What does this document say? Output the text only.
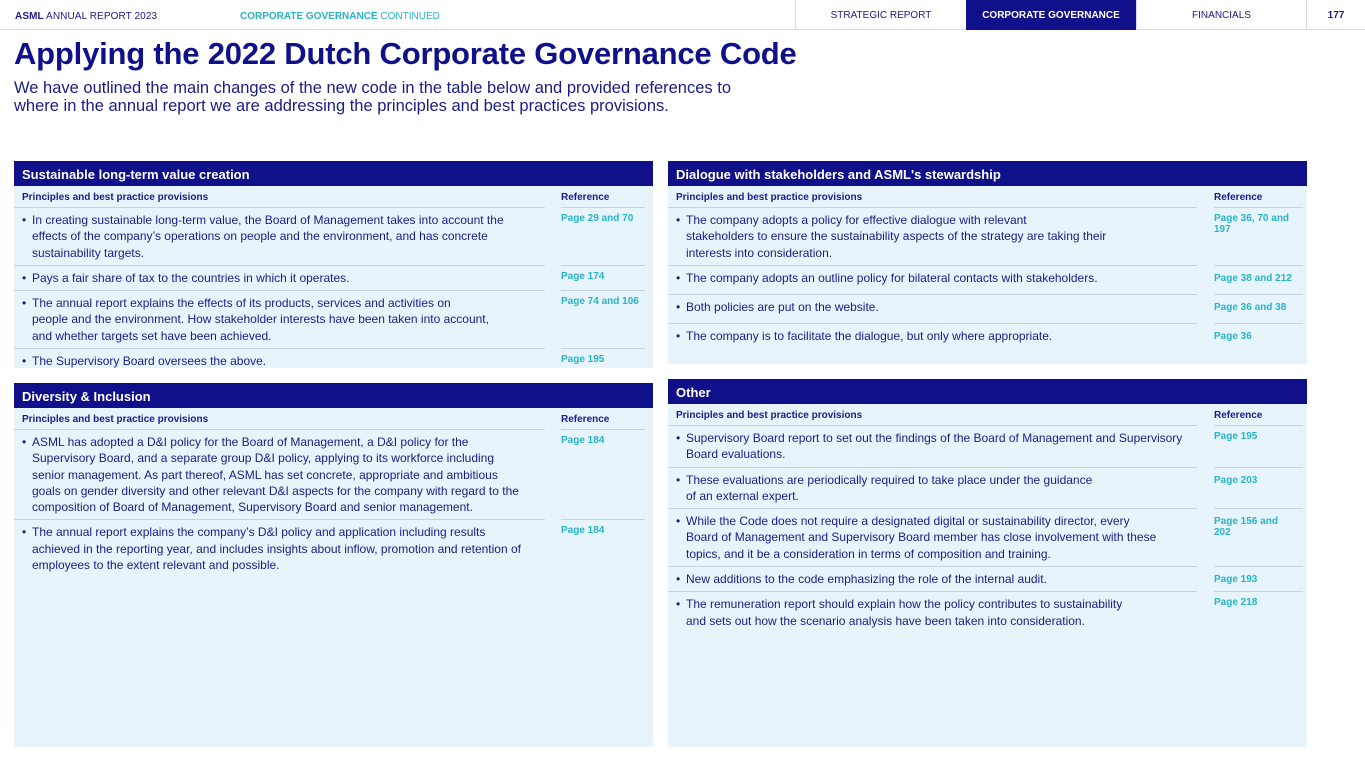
ASML ANNUAL REPORT 2023	CORPORATE GOVERNANCE CONTINUED	STRATEGIC REPORT	CORPORATE GOVERNANCE	FINANCIALS	177
Applying the 2022 Dutch Corporate Governance Code
We have outlined the main changes of the new code in the table below and provided references to
where in the annual report we are addressing the principles and best practices provisions.
Sustainable long-term value creation
Principles and best practice provisions	Reference
• In creating sustainable long-term value, the Board of Management takes into account the
effects of the company’s operations on people and the environment, and has concrete
sustainability targets.
Page 29 and 70
• Pays a fair share of tax to the countries in which it operates.	Page 174
• The annual report explains the effects of its products, services and activities on
people and the environment. How stakeholder interests have been taken into account,
and whether targets set have been achieved.
Page 74 and 106
• The Supervisory Board oversees the above.	Page 195
Diversity & Inclusion
Principles and best practice provisions	Reference
• ASML has adopted a D&I policy for the Board of Management, a D&I policy for the
Supervisory Board, and a separate group D&I policy, applying to its workforce including
senior management. As part thereof, ASML has set concrete, appropriate and ambitious
goals on gender diversity and other relevant D&I aspects for the company with regard to the
composition of Board of Management, Supervisory Board and senior management.
Page 184
• The annual report explains the company’s D&I policy and application including results
achieved in the reporting year, and includes insights about inflow, promotion and retention of
employees to the extent relevant and possible.
Page 184
Dialogue with stakeholders and ASML's stewardship
Principles and best practice provisions	Reference
• The company adopts a policy for effective dialogue with relevant
stakeholders to ensure the sustainability aspects of the strategy are taking their
interests into consideration.
Page 36, 70 and
197
• The company adopts an outline policy for bilateral contacts with stakeholders.	Page 38 and 212
• Both policies are put on the website.	Page 36 and 38
• The company is to facilitate the dialogue, but only where appropriate.	Page 36
Other
Principles and best practice provisions	Reference
• Supervisory Board report to set out the findings of the Board of Management and Supervisory
Board evaluations.
Page 195
• These evaluations are periodically required to take place under the guidance
of an external expert.
Page 203
• While the Code does not require a designated digital or sustainability director, every
Board of Management and Supervisory Board member has close involvement with these
topics, and it be a consideration in terms of composition and training.
Page 156 and
202
• New additions to the code emphasizing the role of the internal audit.	Page 193
• The remuneration report should explain how the policy contributes to sustainability
and sets out how the scenario analysis have been taken into consideration.
Page 218
